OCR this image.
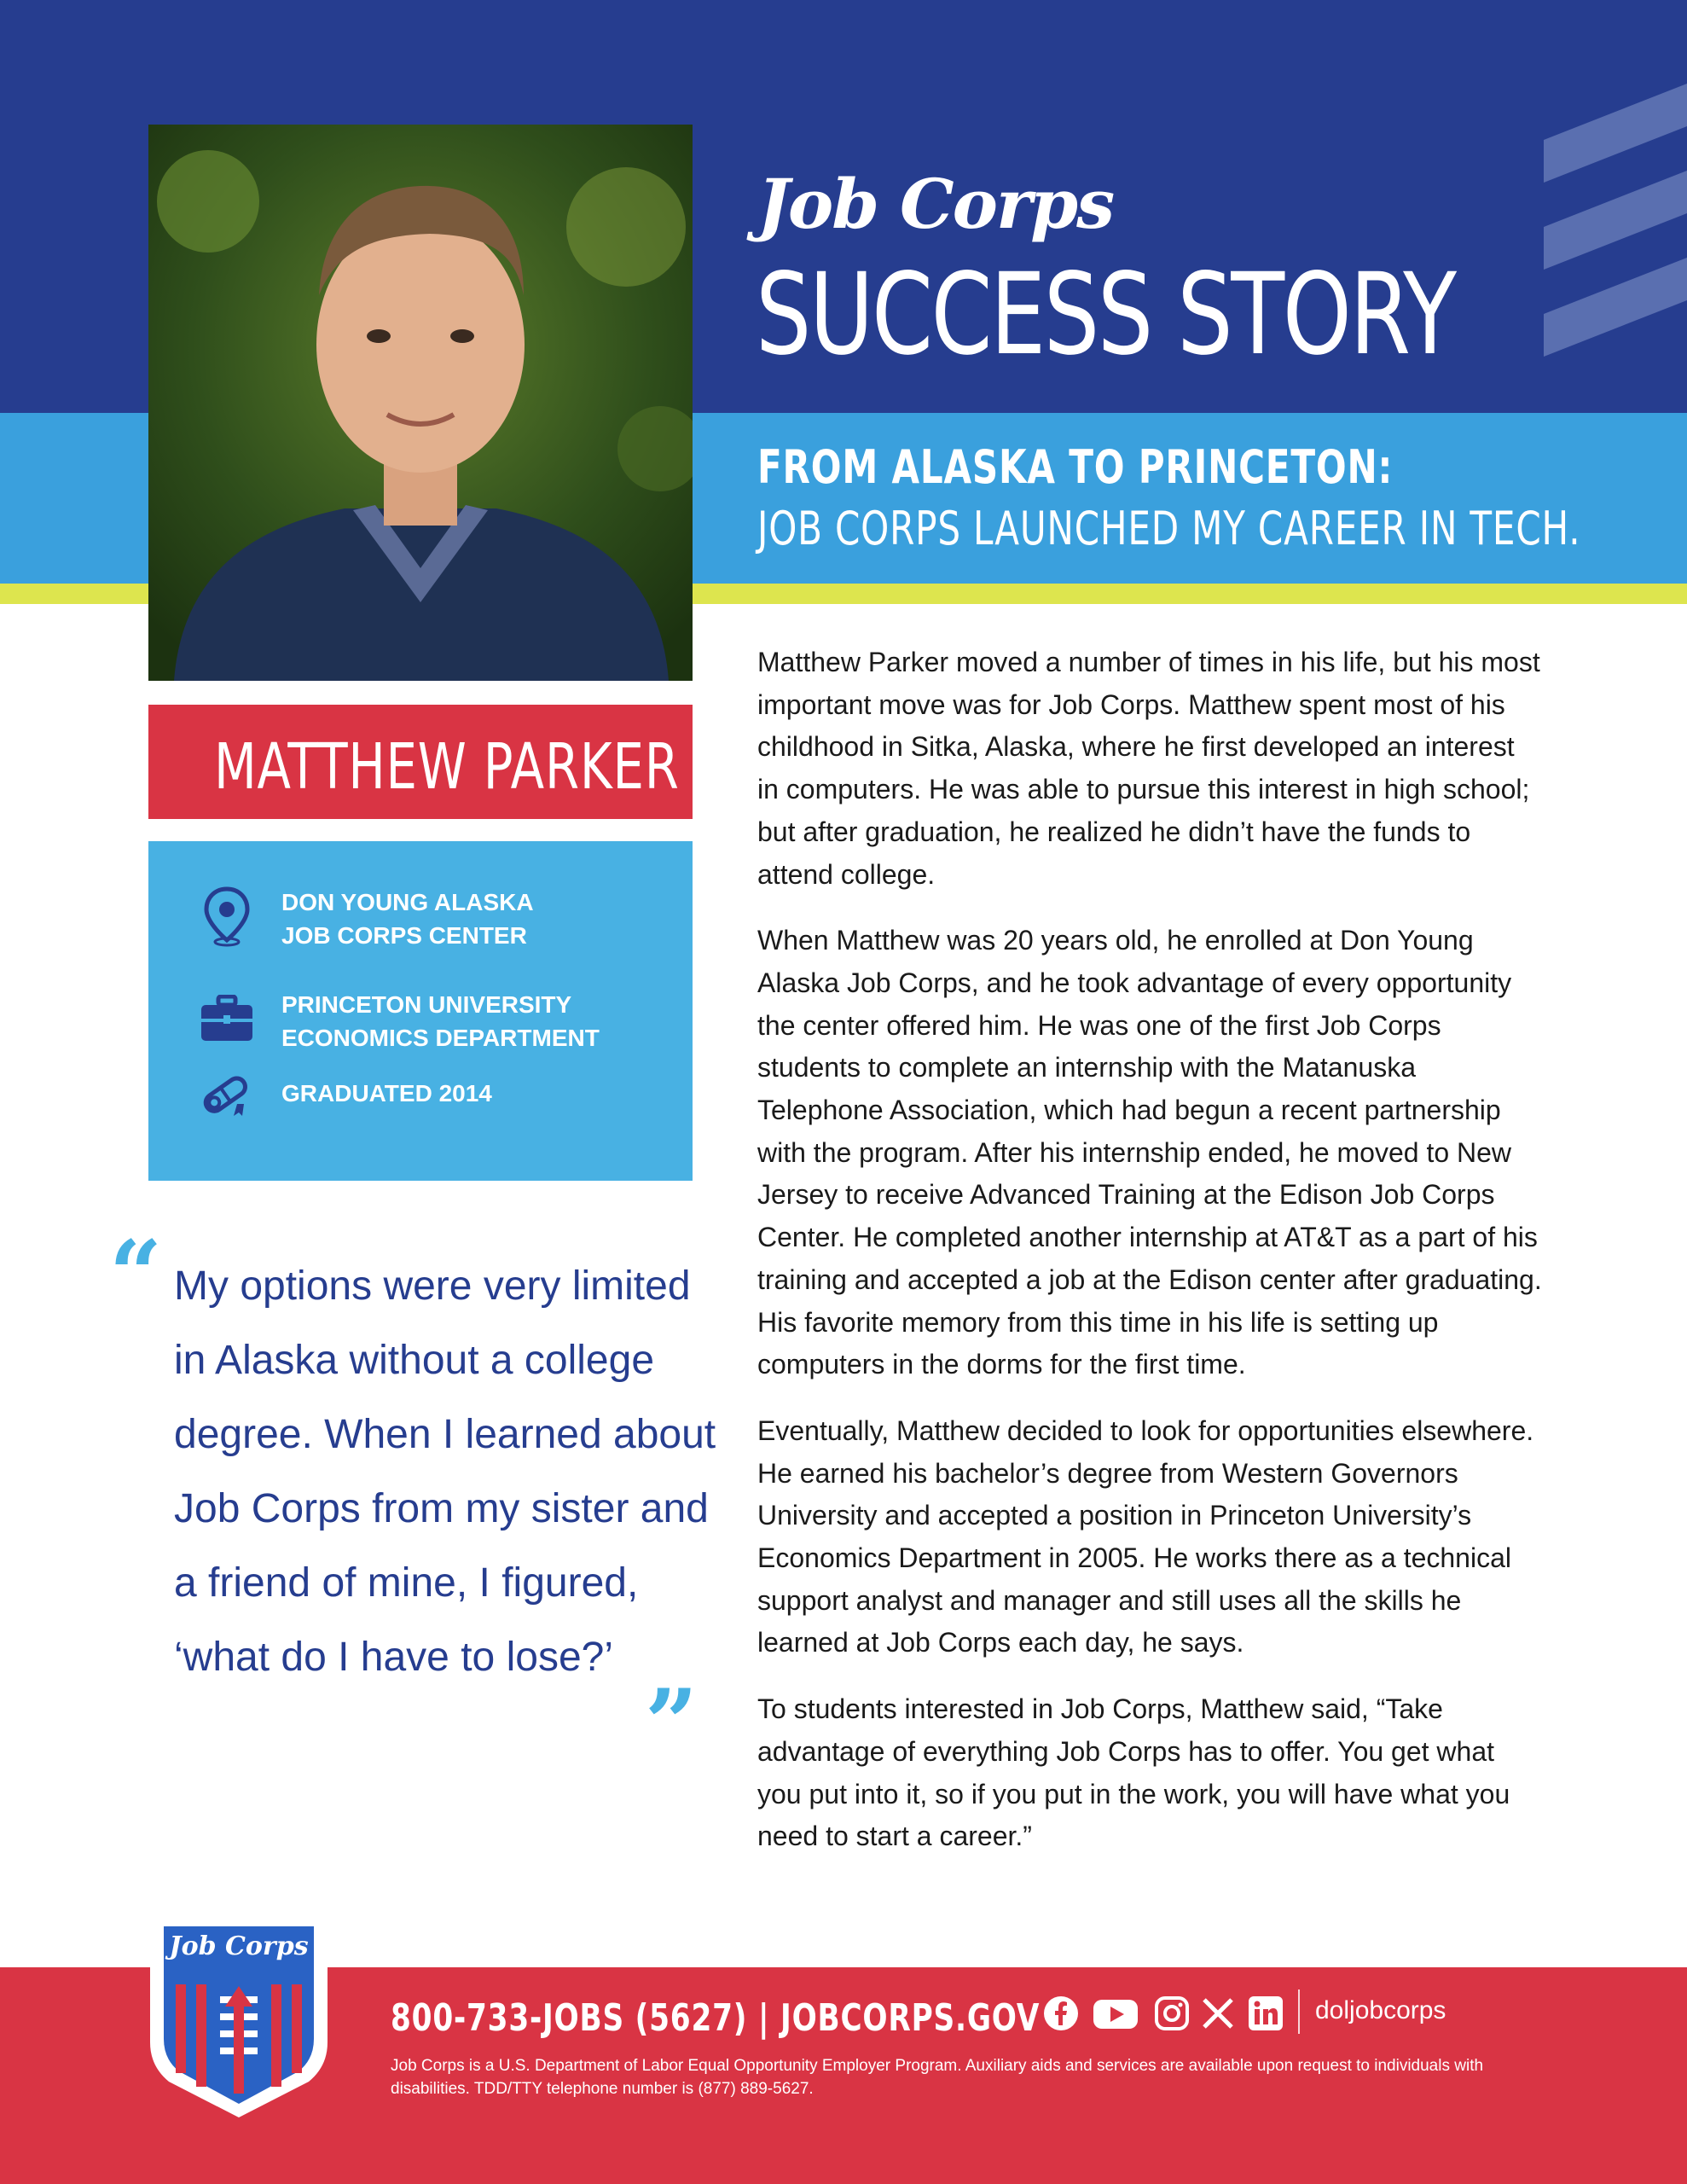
Job Corps
SUCCESS STORY
FROM ALASKA TO PRINCETON:
JOB CORPS LAUNCHED MY CAREER IN TECH.
MATTHEW PARKER
DON YOUNG ALASKA
JOB CORPS CENTER
PRINCETON UNIVERSITY
ECONOMICS DEPARTMENT
GRADUATED 2014
“ My options were very limited in Alaska without a college degree. When I learned about Job Corps from my sister and a friend of mine, I figured, ‘what do I have to lose?’
”

Matthew Parker moved a number of times in his life, but his most important move was for Job Corps. Matthew spent most of his childhood in Sitka, Alaska, where he first developed an interest in computers. He was able to pursue this interest in high school; but after graduation, he realized he didn’t have the funds to attend college.

When Matthew was 20 years old, he enrolled at Don Young Alaska Job Corps, and he took advantage of every opportunity the center offered him. He was one of the first Job Corps students to complete an internship with the Matanuska Telephone Association, which had begun a recent partnership with the program. After his internship ended, he moved to New Jersey to receive Advanced Training at the Edison Job Corps Center. He completed another internship at AT&T as a part of his training and accepted a job at the Edison center after graduating. His favorite memory from this time in his life is setting up computers in the dorms for the first time.

Eventually, Matthew decided to look for opportunities elsewhere. He earned his bachelor’s degree from Western Governors University and accepted a position in Princeton University’s Economics Department in 2005. He works there as a technical support analyst and manager and still uses all the skills he learned at Job Corps each day, he says.

To students interested in Job Corps, Matthew said, “Take advantage of everything Job Corps has to offer. You get what you put into it, so if you put in the work, you will have what you need to start a career.”

Job Corps
800-733-JOBS (5627) | JOBCORPS.GOV	doljobcorps
Job Corps is a U.S. Department of Labor Equal Opportunity Employer Program. Auxiliary aids and services are available upon request to individuals with disabilities. TDD/TTY telephone number is (877) 889-5627.
